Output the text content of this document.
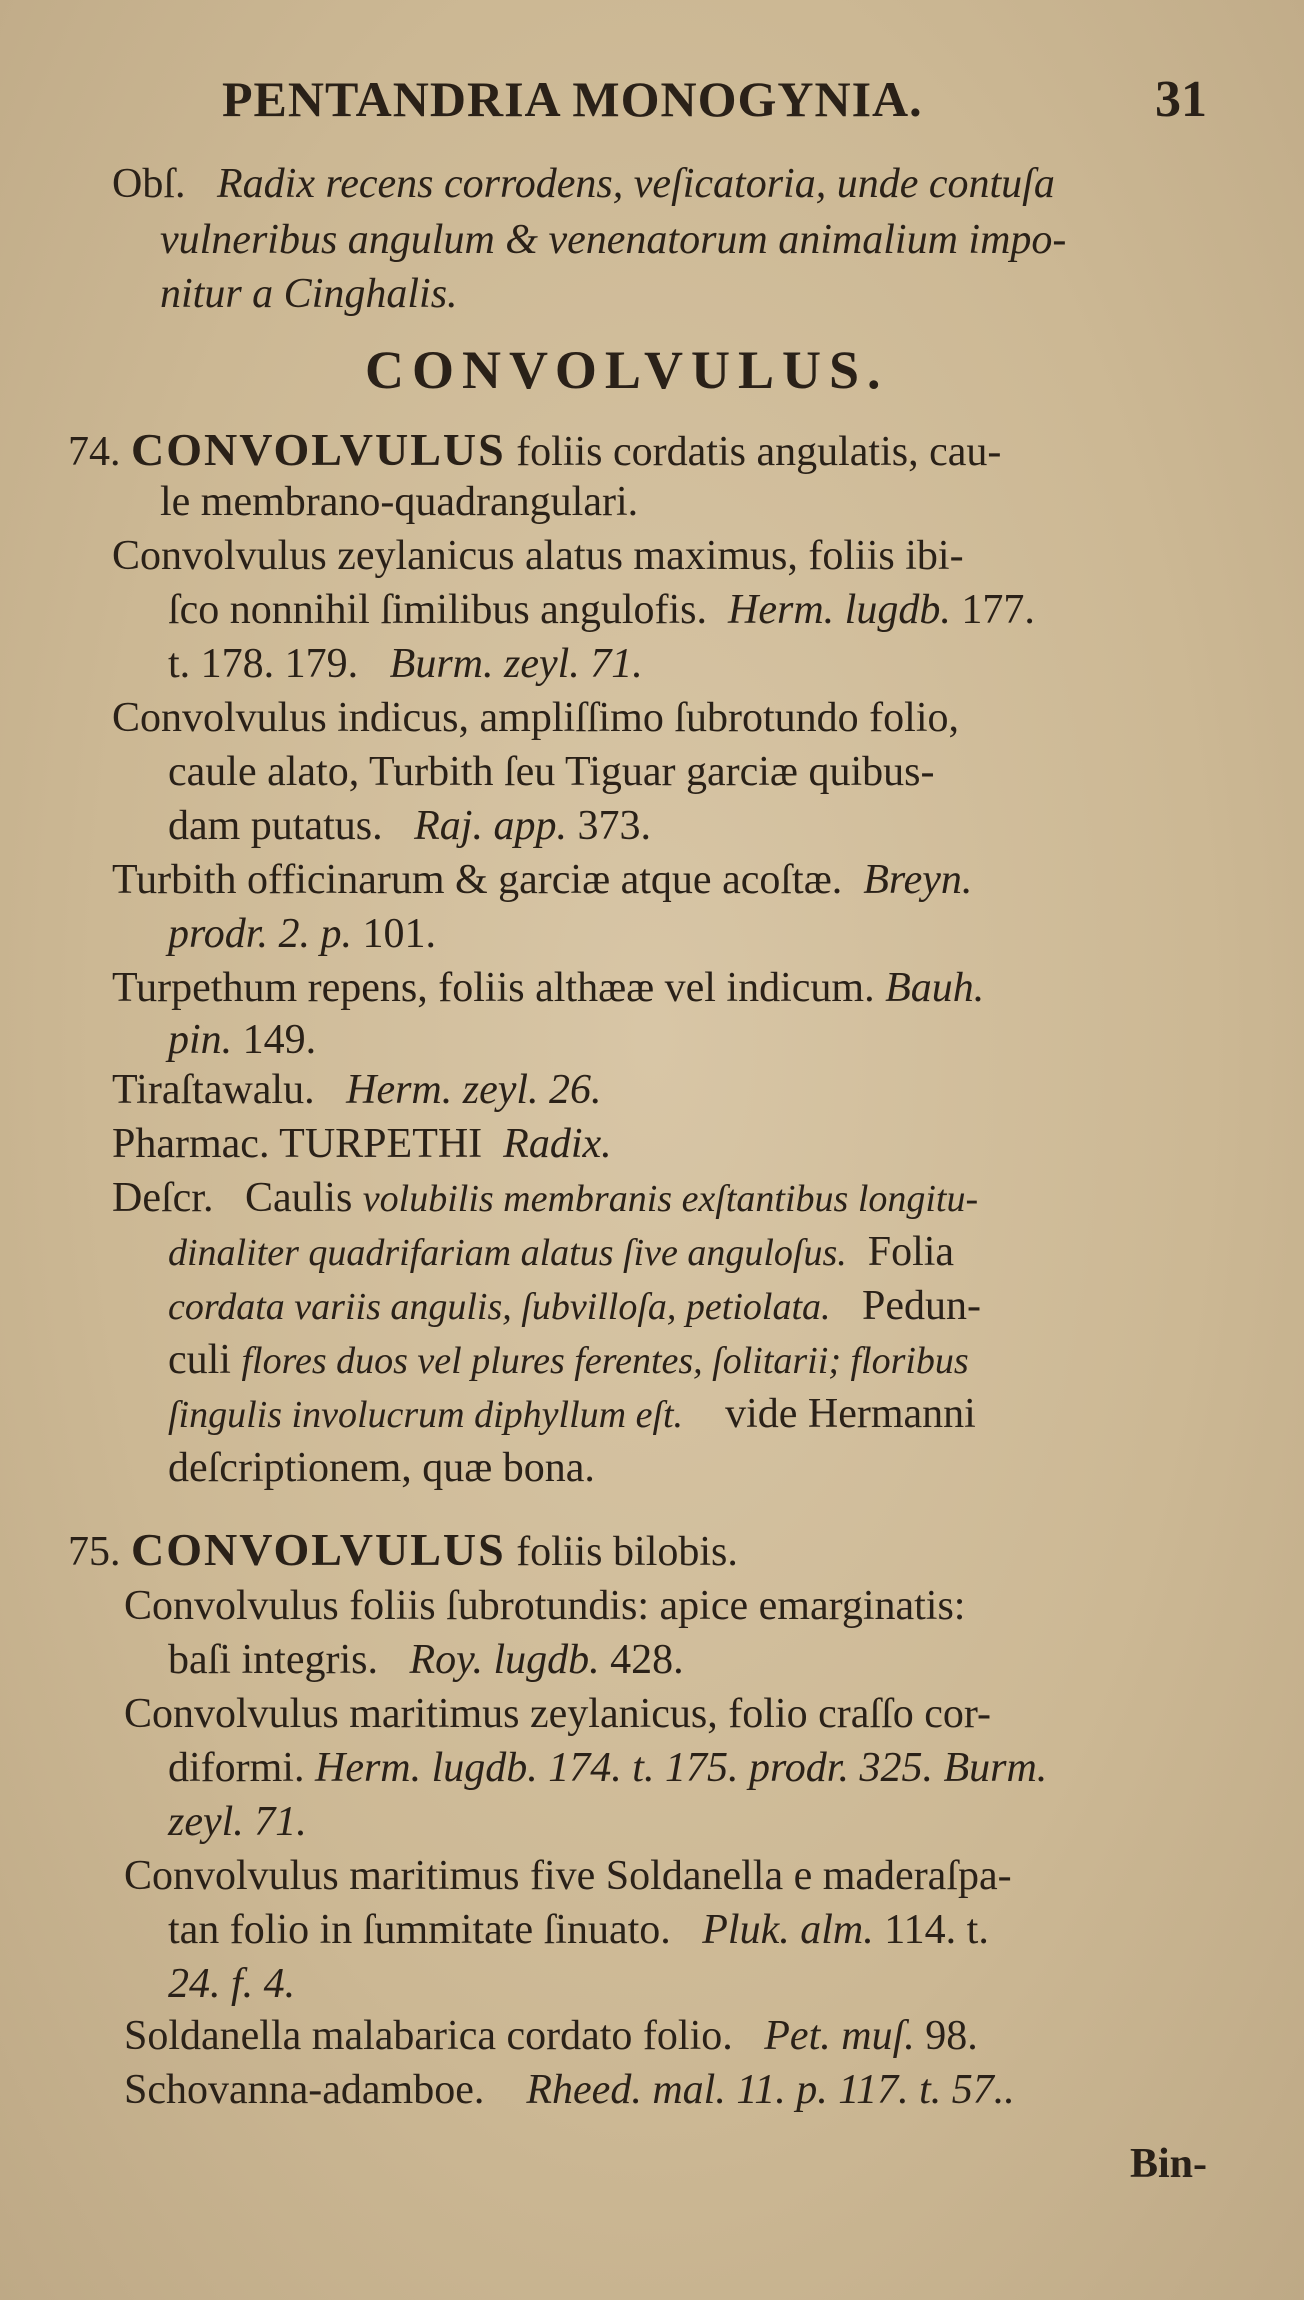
PENTANDRIA MONOGYNIA.	31
Obſ. Radix recens corrodens, veſicatoria, unde contuſa
vulneribus angulum & venenatorum animalium impo-
nitur a Cinghalis.
CONVOLVULUS.
74. CONVOLVULUS foliis cordatis angulatis, cau-
le membrano-quadrangulari.
Convolvulus zeylanicus alatus maximus, foliis ibi-
ſco nonnihil ſimilibus angulofis. Herm. lugdb. 177.
t. 178. 179. Burm. zeyl. 71.
Convolvulus indicus, ampliſſimo ſubrotundo folio,
caule alato, Turbith ſeu Tiguar garciæ quibus-
dam putatus. Raj. app. 373.
Turbith officinarum & garciæ atque acoſtæ. Breyn.
prodr. 2. p. 101.
Turpethum repens, foliis althææ vel indicum. Bauh.
pin. 149.
Tiraſtawalu. Herm. zeyl. 26.
Pharmac. TURPETHI Radix.
Deſcr. Caulis volubilis membranis exſtantibus longitu-
dinaliter quadrifariam alatus ſive anguloſus. Folia
cordata variis angulis, ſubvilloſa, petiolata. Pedun-
culi flores duos vel plures ferentes, ſolitarii; floribus
ſingulis involucrum diphyllum eſt. vide Hermanni
deſcriptionem, quæ bona.
75. CONVOLVULUS foliis bilobis.
Convolvulus foliis ſubrotundis: apice emarginatis:
baſi integris. Roy. lugdb. 428.
Convolvulus maritimus zeylanicus, folio craſſo cor-
diformi. Herm. lugdb. 174. t. 175. prodr. 325. Burm.
zeyl. 71.
Convolvulus maritimus five Soldanella e maderaſpa-
tan folio in ſummitate ſinuato. Pluk. alm. 114. t.
24. f. 4.
Soldanella malabarica cordato folio. Pet. muſ. 98.
Schovanna-adamboe. Rheed. mal. 11. p. 117. t. 57..
Bin-
